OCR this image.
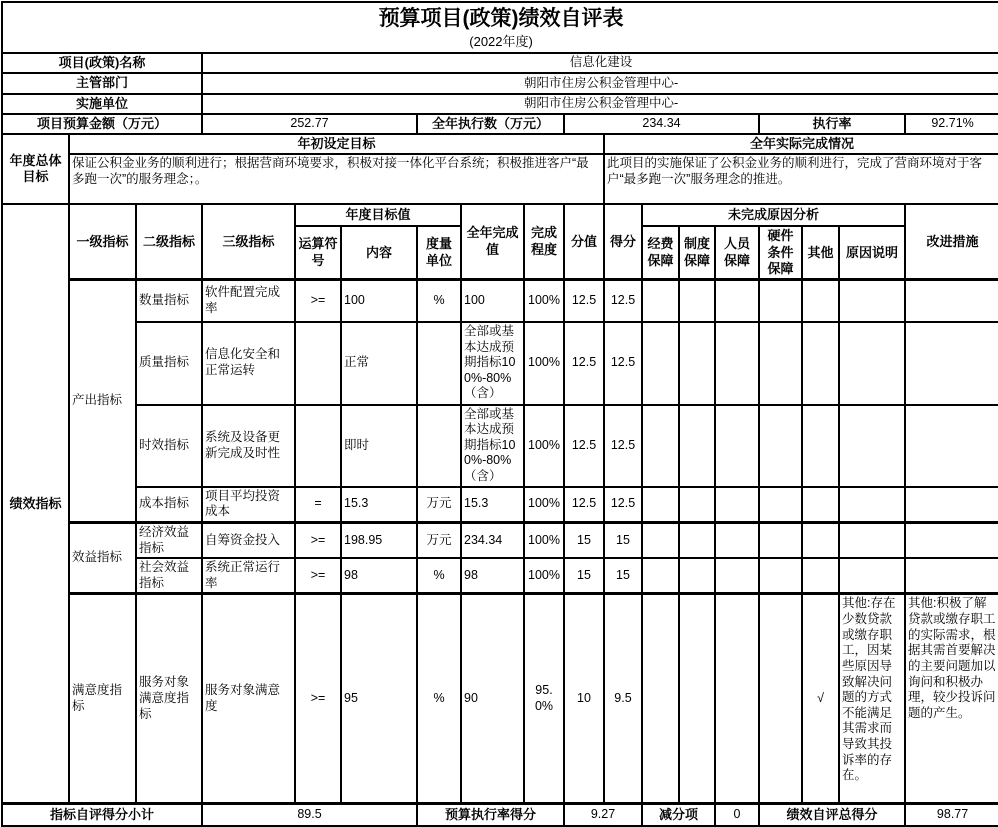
预算项目(政策)绩效自评表
(2022年度)																	

项目(政策)名称			信息化建设														
主管部门			朝阳市住房公积金管理中心-														
实施单位			朝阳市住房公积金管理中心-														
项目预算金额（万元）			252.77			全年执行数（万元）			234.34					执行率			92.71%
年度总体目标	年初设定目标									全年实际完成情况							
	保证公积金业务的顺利进行；根据营商环境要求，积极对接一体化平台系统；积极推进客户“最多跑一次”的服务理念；。									此项目的实施保证了公积金业务的顺利进行，完成了营商环境对于客户“最多跑一次”服务理念的推进。							
绩效指标	一级指标	二级指标	三级指标	年度目标值			全年完成值	完成程度	分值	得分	未完成原因分析						改进措施
				运算符号	内容	度量单位					经费保障	制度保障	人员保障	硬件条件保障	其他	原因说明	
	产出指标	数量指标	软件配置完成率	>=	100	%	100	100%	12.5	12.5							
		质量指标	信息化安全和正常运转		正常		全部或基本达成预期指标100%-80%（含）	100%	12.5	12.5							
		时效指标	系统及设备更新完成及时性		即时		全部或基本达成预期指标100%-80%（含）	100%	12.5	12.5							
		成本指标	项目平均投资成本	=	15.3	万元	15.3	100%	12.5	12.5							
	效益指标	经济效益指标	自筹资金投入	>=	198.95	万元	234.34	100%	15	15							
		社会效益指标	系统正常运行率	>=	98	%	98	100%	15	15							
	满意度指标	服务对象满意度指标	服务对象满意度	>=	95	%	90	95.0%	10	9.5					√	其他:存在少数贷款或缴存职工，因某些原因导致解决问题的方式不能满足其需求而导致其投诉率的存在。	其他:积极了解贷款或缴存职工的实际需求，根据其需首要解决的主要问题加以询问和积极办理，较少投诉问题的产生。
指标自评得分小计			89.5			预算执行率得分			9.27		减分项		0	绩效自评总得分			98.77
